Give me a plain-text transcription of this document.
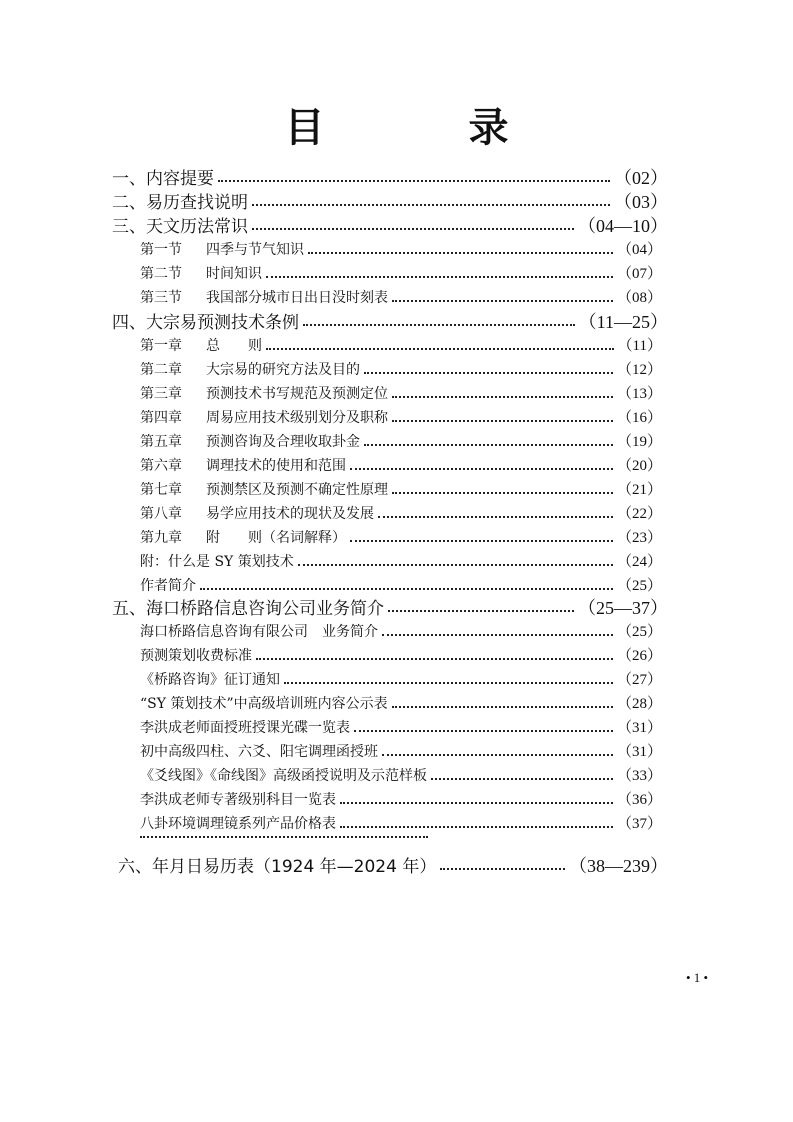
目　录
一、内容提要	（02）
二、易历查找说明	（03）
三、天文历法常识	（04—10）
第一节 四季与节气知识	（04）
第二节 时间知识	（07）
第三节 我国部分城市日出日没时刻表	（08）
四、大宗易预测技术条例	（11—25）
第一章 总　　则	（11）
第二章 大宗易的研究方法及目的	（12）
第三章 预测技术书写规范及预测定位	（13）
第四章 周易应用技术级别划分及职称	（16）
第五章 预测咨询及合理收取卦金	（19）
第六章 调理技术的使用和范围	（20）
第七章 预测禁区及预测不确定性原理	（21）
第八章 易学应用技术的现状及发展	（22）
第九章 附　　则（名词解释）	（23）
附：什么是 SY 策划技术	（24）
作者简介	（25）
五、海口桥路信息咨询公司业务简介	（25—37）
海口桥路信息咨询有限公司　业务简介	（25）
预测策划收费标准	（26）
《桥路咨询》征订通知	（27）
“SY 策划技术”中高级培训班内容公示表	（28）
李洪成老师面授班授课光碟一览表	（31）
初中高级四柱、六爻、阳宅调理函授班	（31）
《爻线图》《命线图》高级函授说明及示范样板	（33）
李洪成老师专著级别科目一览表	（36）
八卦环境调理镜系列产品价格表	（37）
六、年月日易历表（1924 年—2024 年）	（38—239）
• 1 •
